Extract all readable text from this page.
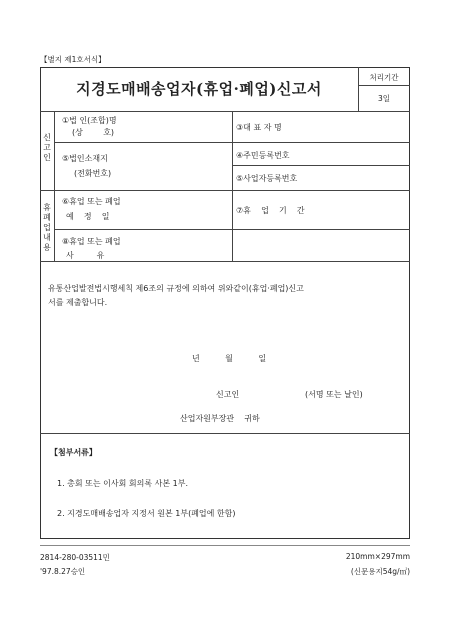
【별지 제1호서식】
지경도매배송업자(휴업·폐업)신고서
처리기간
3일
신
고
인
①법 인(조합)명
(상        호)
③대 표 자 명
⑤법인소재지
(전화번호)
④주민등록번호
⑤사업자등록번호
휴
폐
업
내
용
⑥휴업 또는 폐업
예    정    일
⑦휴    업    기    간
⑧휴업 또는 폐업
사         유
유통산업발전법시행세칙 제6조의 규정에 의하여 위와같이(휴업·폐업)신고
서를 제출합니다.
년          월          일
신고인	(서명 또는 날인)
산업자원부장관    귀하
【첨부서류】
1. 총회 또는 이사회 회의록 사본 1부.
2. 지경도매배송업자 지정서 원본 1부(폐업에 한함)
2814-280-03511민
'97.8.27승인
210mm×297mm
(신문용지54g/㎡)
